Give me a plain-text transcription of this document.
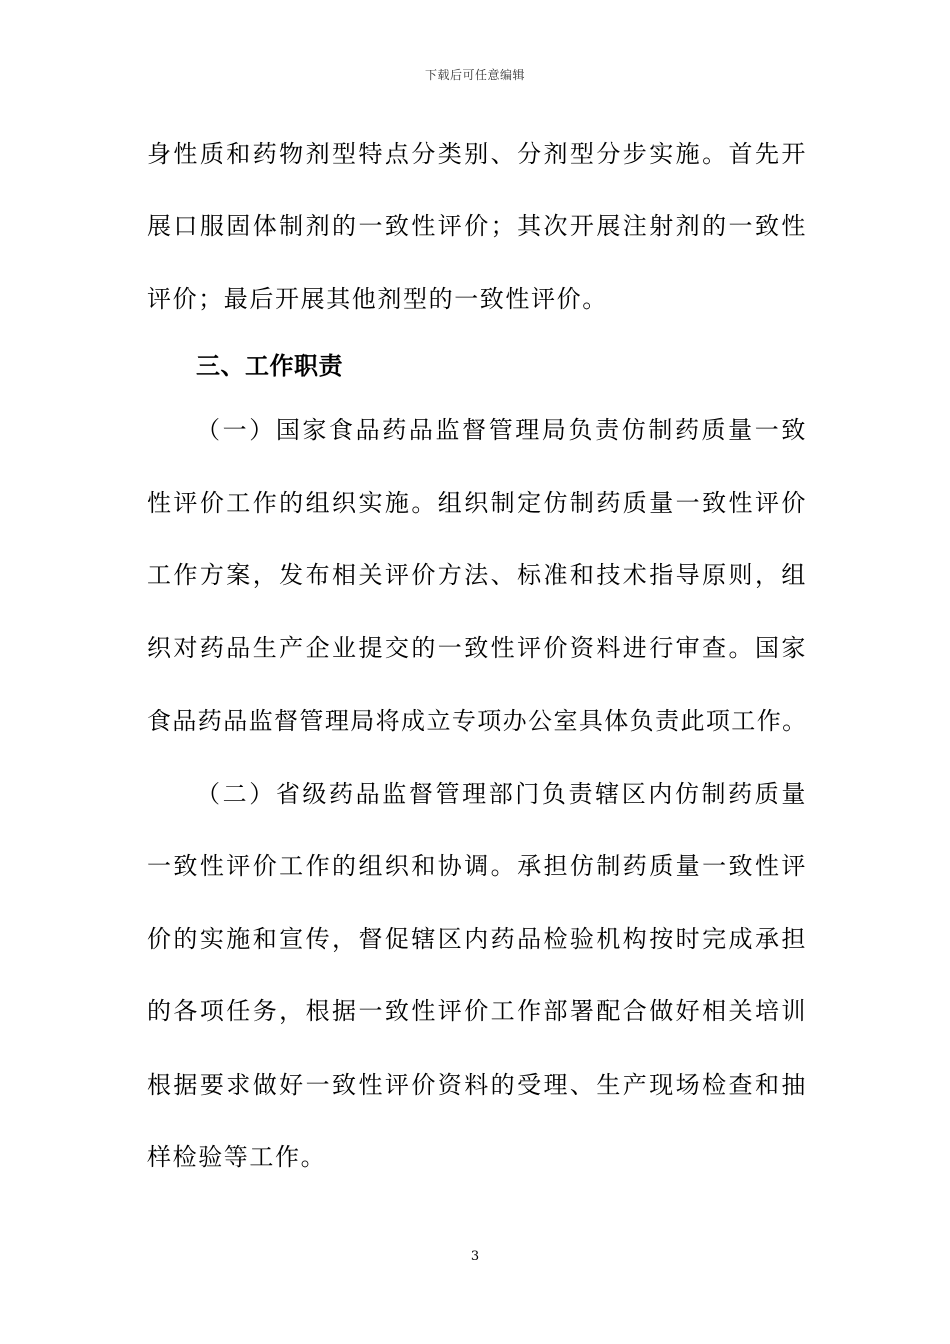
下载后可任意编辑
身性质和药物剂型特点分类别、分剂型分步实施。首先开
展口服固体制剂的一致性评价；其次开展注射剂的一致性
评价；最后开展其他剂型的一致性评价。
三、工作职责
（一）国家食品药品监督管理局负责仿制药质量一致
性评价工作的组织实施。组织制定仿制药质量一致性评价
工作方案，发布相关评价方法、标准和技术指导原则，组
织对药品生产企业提交的一致性评价资料进行审查。国家
食品药品监督管理局将成立专项办公室具体负责此项工作。
（二）省级药品监督管理部门负责辖区内仿制药质量
一致性评价工作的组织和协调。承担仿制药质量一致性评
价的实施和宣传，督促辖区内药品检验机构按时完成承担
的各项任务，根据一致性评价工作部署配合做好相关培训
根据要求做好一致性评价资料的受理、生产现场检查和抽
样检验等工作。
3
